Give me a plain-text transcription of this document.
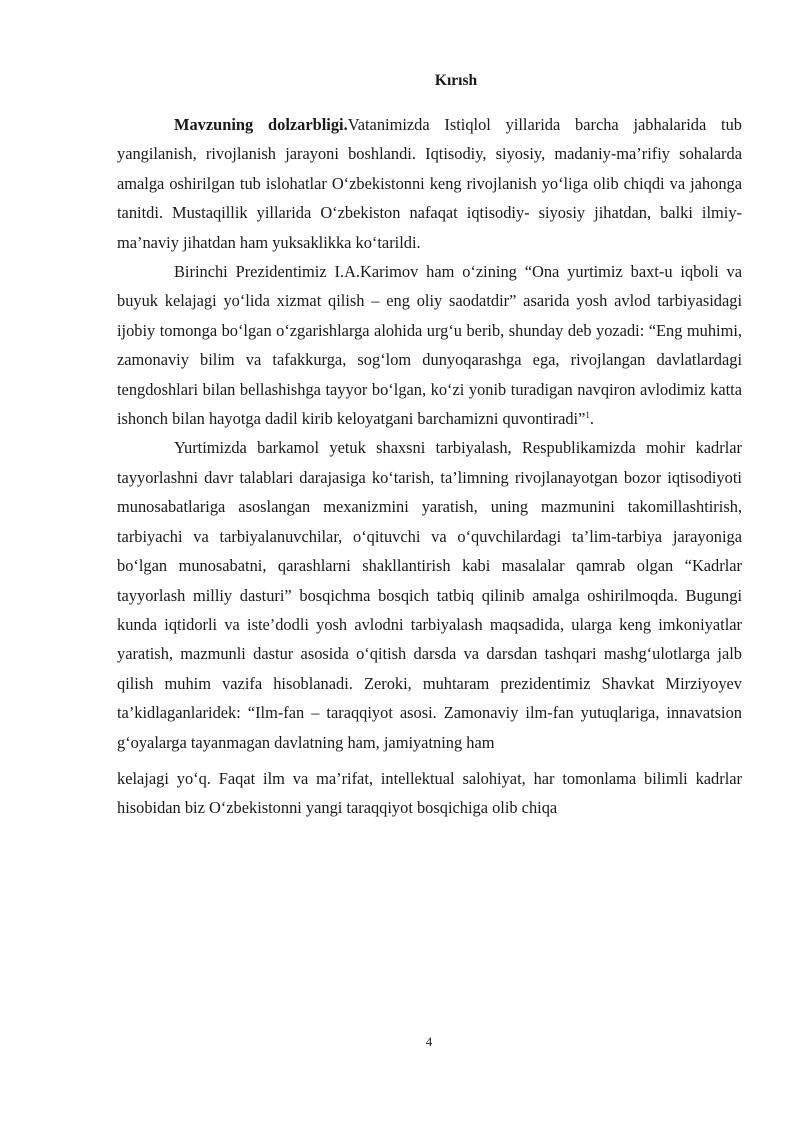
Kırısh

Mavzuning dolzarbligi.Vatanimizda Istiqlol yillarida barcha jabhalarida tub yangilanish, rivojlanish jarayoni boshlandi. Iqtisodiy, siyosiy, madaniy-ma’rifiy sohalarda amalga oshirilgan tub islohatlar O‘zbekistonni keng rivojlanish yo‘liga olib chiqdi va jahonga tanitdi. Mustaqillik yillarida O‘zbekiston nafaqat iqtisodiy- siyosiy jihatdan, balki ilmiy-ma’naviy jihatdan ham yuksaklikka ko‘tarildi.

Birinchi Prezidentimiz I.A.Karimov ham o‘zining “Ona yurtimiz baxt-u iqboli va buyuk kelajagi yo‘lida xizmat qilish – eng oliy saodatdir” asarida yosh avlod tarbiyasidagi ijobiy tomonga bo‘lgan o‘zgarishlarga alohida urg‘u berib, shunday deb yozadi: “Eng muhimi, zamonaviy bilim va tafakkurga, sog‘lom dunyoqarashga ega, rivojlangan davlatlardagi tengdoshlari bilan bellashishga tayyor bo‘lgan, ko‘zi yonib turadigan navqiron avlodimiz katta ishonch bilan hayotga dadil kirib keloyatgani barchamizni quvontiradi”$^1$.

Yurtimizda barkamol yetuk shaxsni tarbiyalash, Respublikamizda mohir kadrlar tayyorlashni davr talablari darajasiga ko‘tarish, ta’limning rivojlanayotgan bozor iqtisodiyoti munosabatlariga asoslangan mexanizmini yaratish, uning mazmunini takomillashtirish, tarbiyachi va tarbiyalanuvchilar, o‘qituvchi va o‘quvchilardagi ta’lim-tarbiya jarayoniga bo‘lgan munosabatni, qarashlarni shakllantirish kabi masalalar qamrab olgan “Kadrlar tayyorlash milliy dasturi” bosqichma bosqich tatbiq qilinib amalga oshirilmoqda. Bugungi kunda iqtidorli va iste’dodli yosh avlodni tarbiyalash maqsadida, ularga keng imkoniyatlar yaratish, mazmunli dastur asosida o‘qitish darsda va darsdan tashqari mashg‘ulotlarga jalb qilish muhim vazifa hisoblanadi. Zeroki, muhtaram prezidentimiz Shavkat Mirziyoyev ta’kidlaganlaridek: “Ilm-fan – taraqqiyot asosi. Zamonaviy ilm-fan yutuqlariga, innavatsion g‘oyalarga tayanmagan davlatning ham, jamiyatning ham

kelajagi yo‘q. Faqat ilm va ma’rifat, intellektual salohiyat, har tomonlama bilimli kadrlar hisobidan biz O‘zbekistonni yangi taraqqiyot bosqichiga olib chiqa

4
